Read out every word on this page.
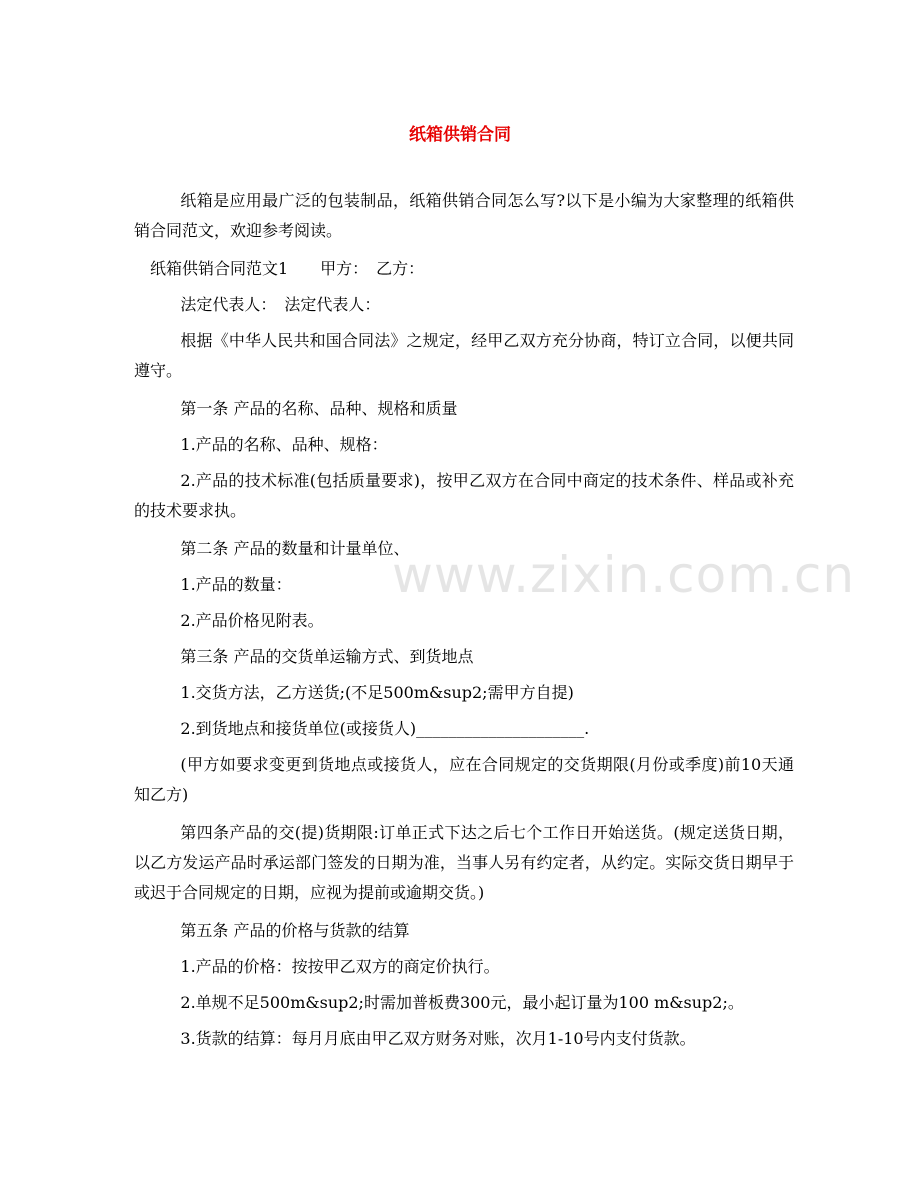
纸箱供销合同

纸箱是应用最广泛的包装制品，纸箱供销合同怎么写?以下是小编为大家整理的纸箱供销合同范文，欢迎参考阅读。

纸箱供销合同范文1　　甲方：　乙方：

法定代表人：　法定代表人：

根据《中华人民共和国合同法》之规定，经甲乙双方充分协商，特订立合同，以便共同遵守。

第一条 产品的名称、品种、规格和质量

1.产品的名称、品种、规格：

2.产品的技术标准(包括质量要求)，按甲乙双方在合同中商定的技术条件、样品或补充的技术要求执。

第二条 产品的数量和计量单位、

1.产品的数量：

2.产品价格见附表。

第三条 产品的交货单运输方式、到货地点

1.交货方法，乙方送货;(不足500m&sup2;需甲方自提)

2.到货地点和接货单位(或接货人)_____________________.

(甲方如要求变更到货地点或接货人，应在合同规定的交货期限(月份或季度)前10天通知乙方)

第四条产品的交(提)货期限:订单正式下达之后七个工作日开始送货。(规定送货日期，以乙方发运产品时承运部门签发的日期为准，当事人另有约定者，从约定。实际交货日期早于或迟于合同规定的日期，应视为提前或逾期交货。)

第五条 产品的价格与货款的结算

1.产品的价格：按按甲乙双方的商定价执行。

2.单规不足500m&sup2;时需加普板费300元，最小起订量为100 m&sup2;。

3.货款的结算：每月月底由甲乙双方财务对账，次月1-10号内支付货款。

www.zixin.com.cn
